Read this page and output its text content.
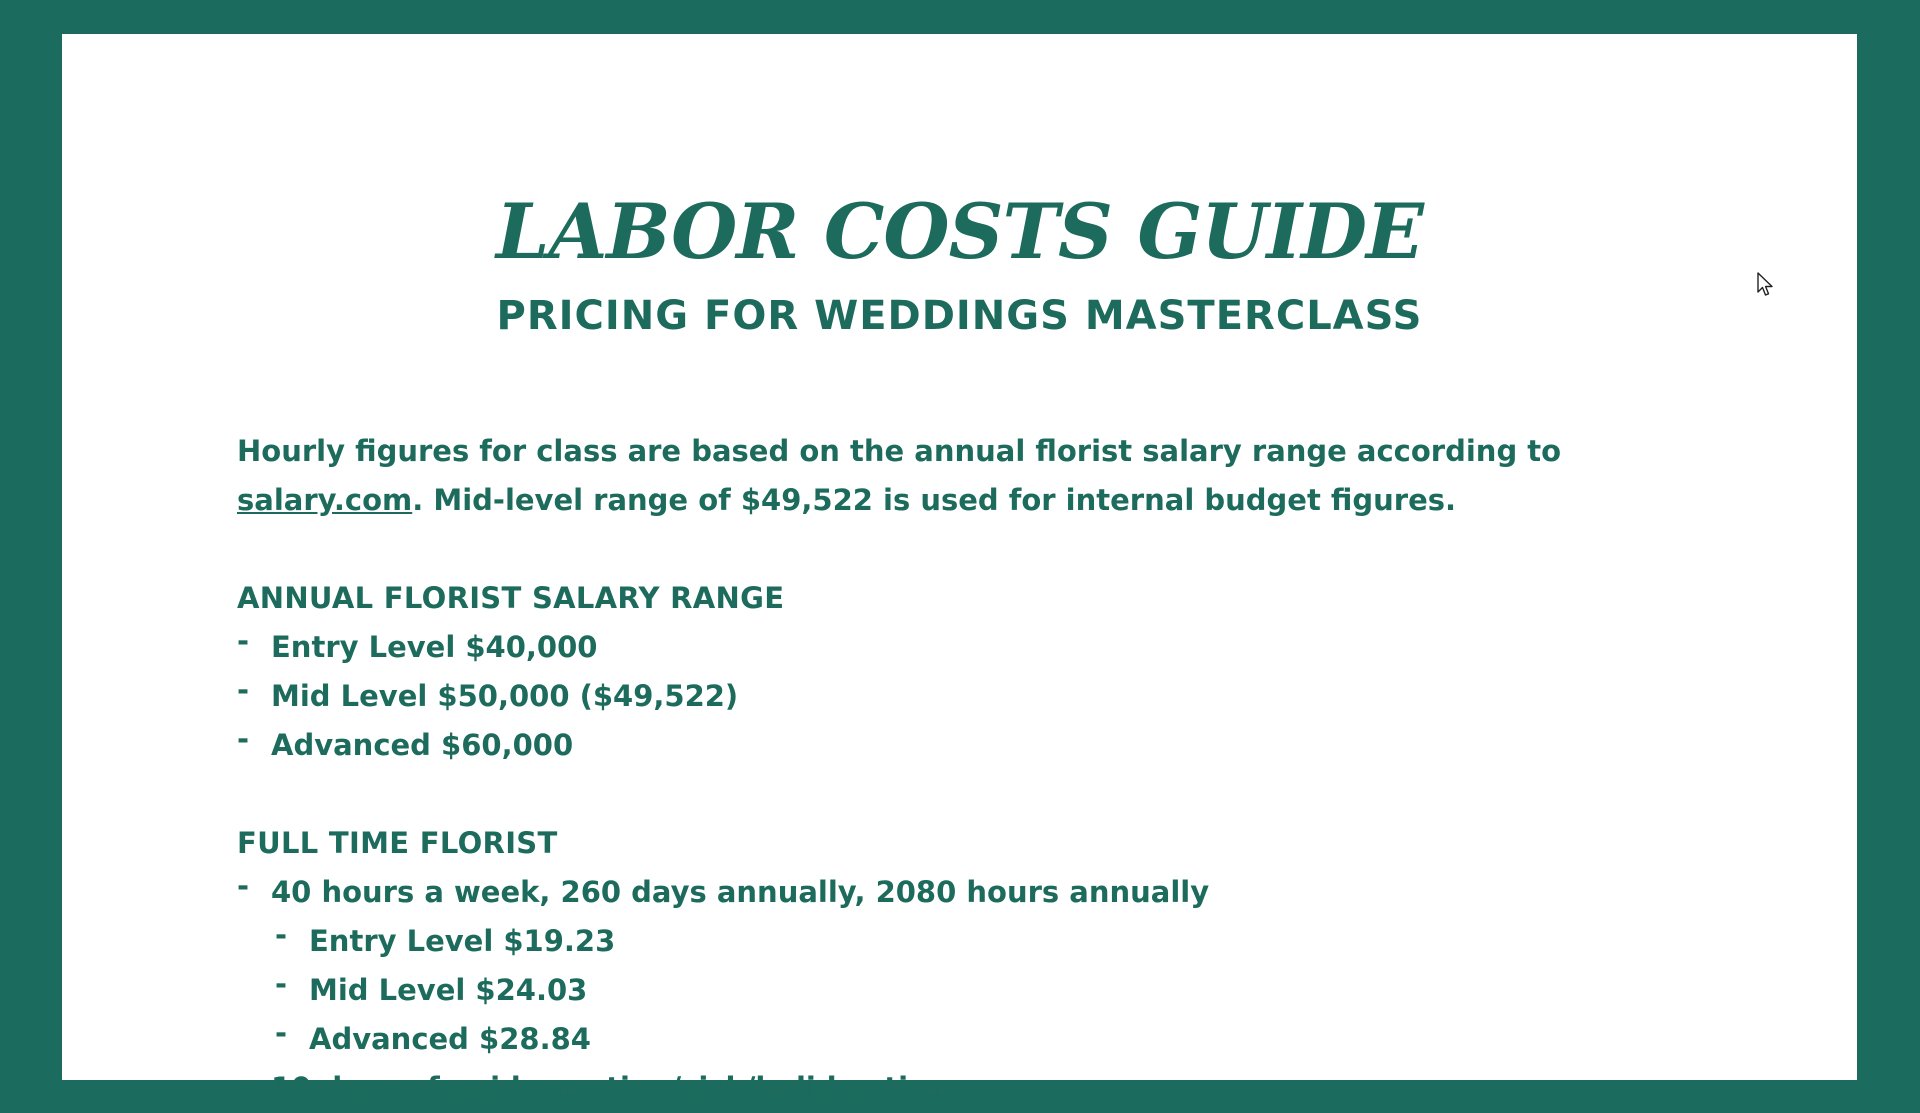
LABOR COSTS GUIDE
PRICING FOR WEDDINGS MASTERCLASS

Hourly figures for class are based on the annual florist salary range according to
salary.com. Mid-level range of $49,522 is used for internal budget figures.

ANNUAL FLORIST SALARY RANGE
- Entry Level $40,000
- Mid Level $50,000 ($49,522)
- Advanced $60,000
FULL TIME FLORIST
- 40 hours a week, 260 days annually, 2080 hours annually
- Entry Level $19.23
- Mid Level $24.03
- Advanced $28.84
- 10 days of paid vacation/sick/holiday time
